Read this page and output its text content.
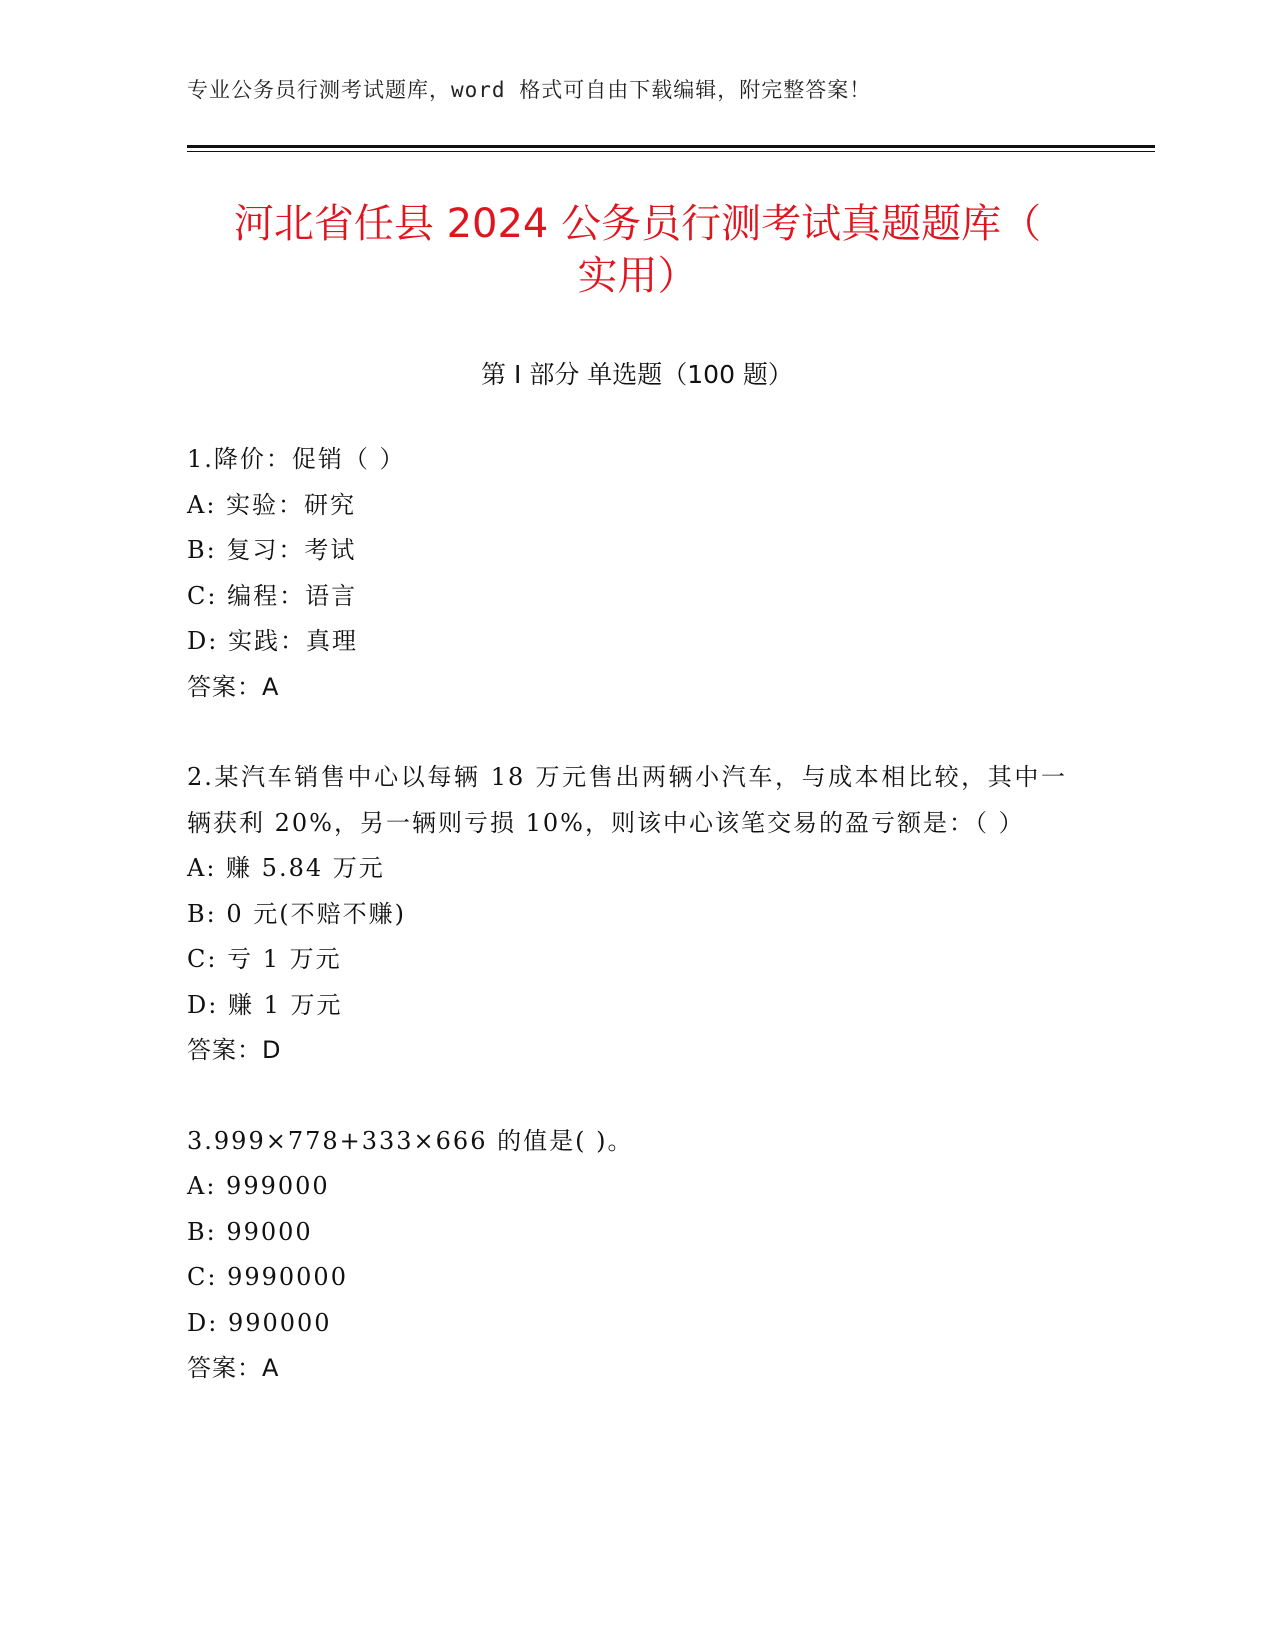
专业公务员行测考试题库，word 格式可自由下载编辑，附完整答案！
河北省任县 2024 公务员行测考试真题题库（
实用）
第 I 部分 单选题（100 题）
1.降价：促销（ ）
A: 实验：研究
B: 复习：考试
C: 编程：语言
D: 实践：真理
答案：A
2.某汽车销售中心以每辆 18 万元售出两辆小汽车，与成本相比较，其中一辆获利 20%，另一辆则亏损 10%，则该中心该笔交易的盈亏额是：（ ）
A: 赚 5.84 万元
B: 0 元(不赔不赚)
C: 亏 1 万元
D: 赚 1 万元
答案：D
3.999×778+333×666 的值是( )。
A: 999000
B: 99000
C: 9990000
D: 990000
答案：A
